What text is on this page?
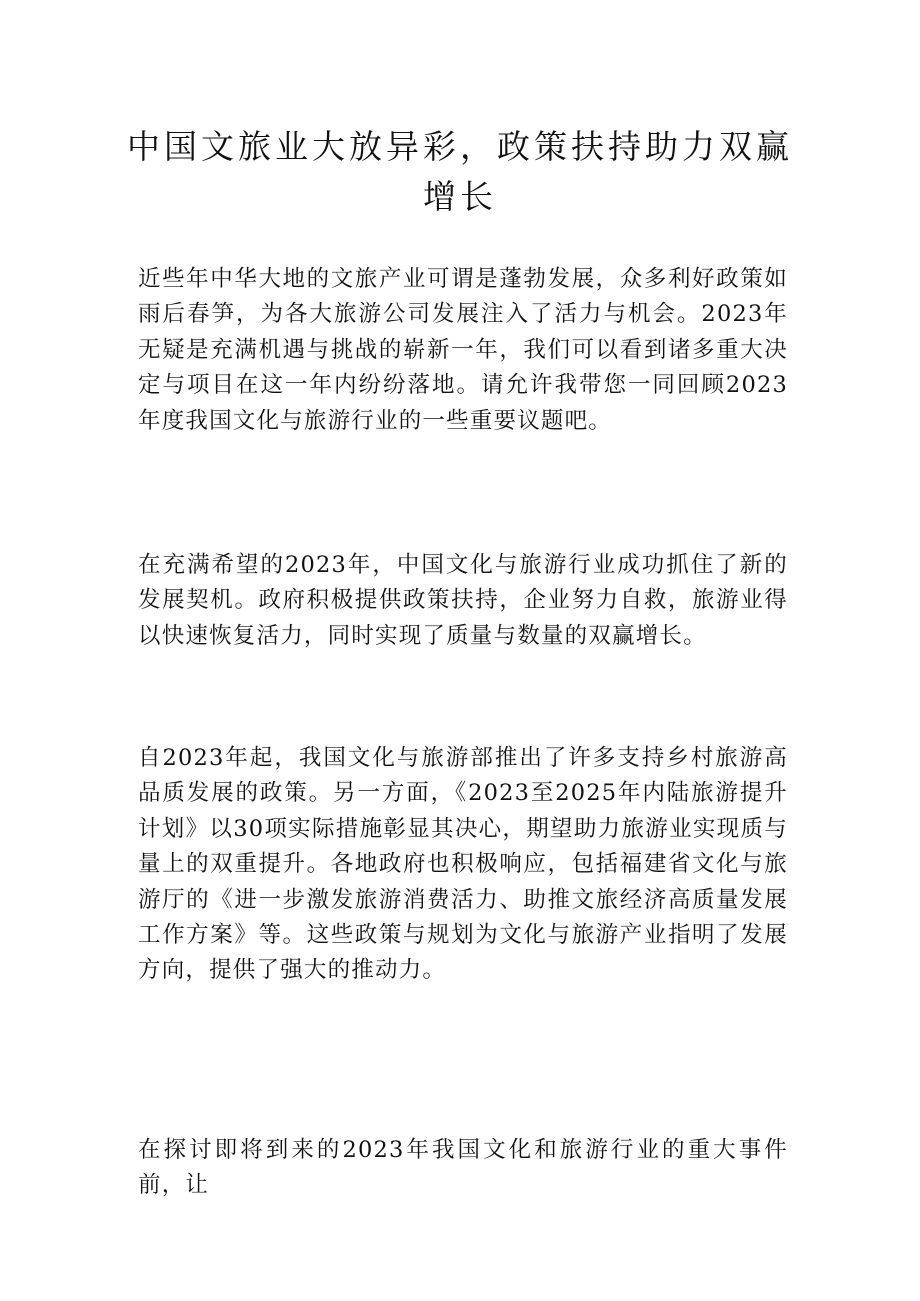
中国文旅业大放异彩，政策扶持助力双赢增长

近些年中华大地的文旅产业可谓是蓬勃发展，众多利好政策如雨后春笋，为各大旅游公司发展注入了活力与机会。2023年无疑是充满机遇与挑战的崭新一年，我们可以看到诸多重大决定与项目在这一年内纷纷落地。请允许我带您一同回顾2023年度我国文化与旅游行业的一些重要议题吧。

在充满希望的2023年，中国文化与旅游行业成功抓住了新的发展契机。政府积极提供政策扶持，企业努力自救，旅游业得以快速恢复活力，同时实现了质量与数量的双赢增长。

自2023年起，我国文化与旅游部推出了许多支持乡村旅游高品质发展的政策。另一方面，《2023至2025年内陆旅游提升计划》以30项实际措施彰显其决心，期望助力旅游业实现质与量上的双重提升。各地政府也积极响应，包括福建省文化与旅游厅的《进一步激发旅游消费活力、助推文旅经济高质量发展工作方案》等。这些政策与规划为文化与旅游产业指明了发展方向，提供了强大的推动力。

在探讨即将到来的2023年我国文化和旅游行业的重大事件前，让
